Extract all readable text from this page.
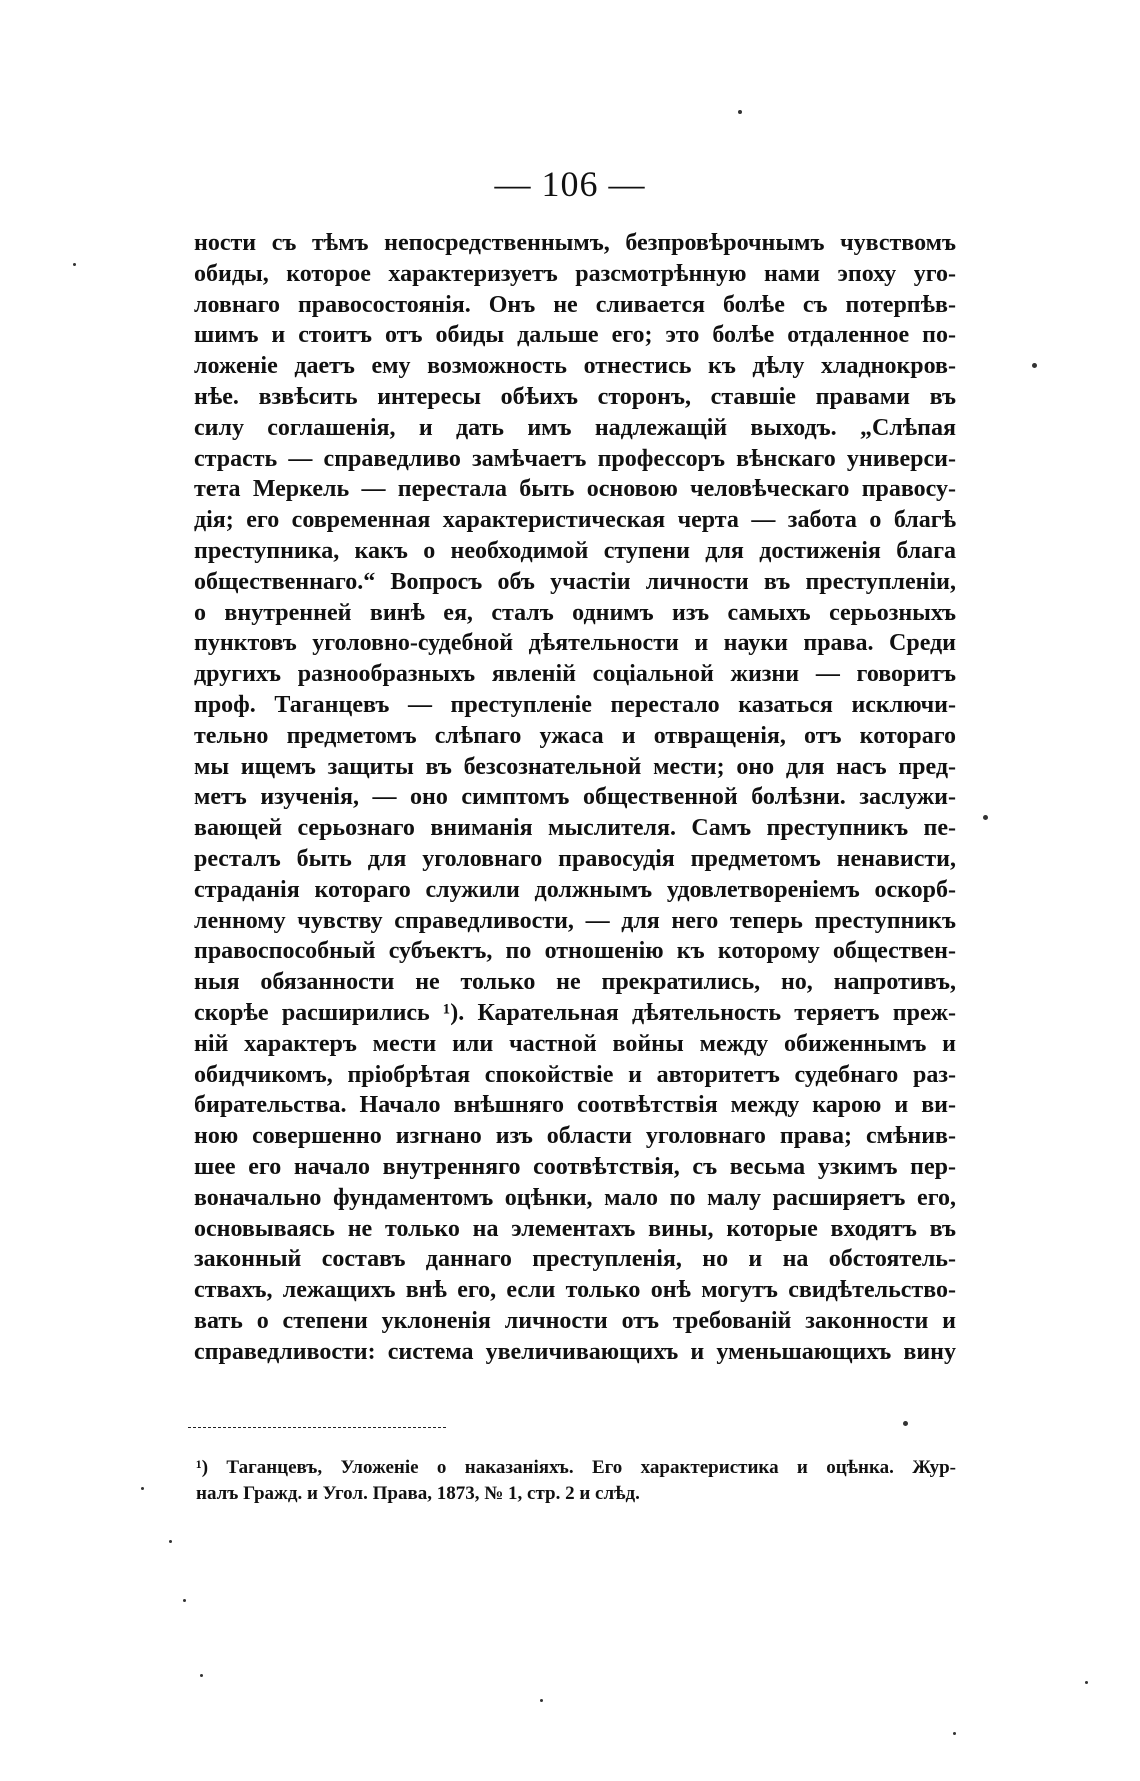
— 106 —
ности съ тѣмъ непосредственнымъ, безпровѣрочнымъ чувствомъ
обиды, которое характеризуетъ разсмотрѣнную нами эпоху уго-
ловнаго правосостоянія. Онъ не сливается болѣе съ потерпѣв-
шимъ и стоитъ отъ обиды дальше его; это болѣе отдаленное по-
ложеніе даетъ ему возможность отнестись къ дѣлу хладнокров-
нѣе. взвѣсить интересы обѣихъ сторонъ, ставшіе правами въ
силу соглашенія, и дать имъ надлежащій выходъ. „Слѣпая
страсть — справедливо замѣчаетъ профессоръ вѣнскаго универси-
тета Меркель — перестала быть основою человѣческаго правосу-
дія; его современная характеристическая черта — забота о благѣ
преступника, какъ о необходимой ступени для достиженія блага
общественнаго.“ Вопросъ объ участіи личности въ преступленіи,
о внутренней винѣ ея, сталъ однимъ изъ самыхъ серьозныхъ
пунктовъ уголовно-судебной дѣятельности и науки права. Среди
другихъ разнообразныхъ явленій соціальной жизни — говоритъ
проф. Таганцевъ — преступленіе перестало казаться исключи-
тельно предметомъ слѣпаго ужаса и отвращенія, отъ котораго
мы ищемъ защиты въ безсознательной мести; оно для насъ пред-
метъ изученія, — оно симптомъ общественной болѣзни. заслужи-
вающей серьознаго вниманія мыслителя. Самъ преступникъ пе-
ресталъ быть для уголовнаго правосудія предметомъ ненависти,
страданія котораго служили должнымъ удовлетвореніемъ оскорб-
ленному чувству справедливости, — для него теперь преступникъ
правоспособный субъектъ, по отношенію къ которому обществен-
ныя обязанности не только не прекратились, но, напротивъ,
скорѣе расширились ¹). Карательная дѣятельность теряетъ преж-
ній характеръ мести или частной войны между обиженнымъ и
обидчикомъ, пріобрѣтая спокойствіе и авторитетъ судебнаго раз-
бирательства. Начало внѣшняго соотвѣтствія между карою и ви-
ною совершенно изгнано изъ области уголовнаго права; смѣнив-
шее его начало внутренняго соотвѣтствія, съ весьма узкимъ пер-
воначально фундаментомъ оцѣнки, мало по малу расширяетъ его,
основываясь не только на элементахъ вины, которые входятъ въ
законный составъ даннаго преступленія, но и на обстоятель-
ствахъ, лежащихъ внѣ его, если только онѣ могутъ свидѣтельство-
вать о степени уклоненія личности отъ требованій законности и
справедливости: система увеличивающихъ и уменьшающихъ вину
¹) Таганцевъ, Уложеніе о наказаніяхъ. Его характеристика и оцѣнка. Жур-
налъ Гражд. и Угол. Права, 1873, № 1, стр. 2 и слѣд.
